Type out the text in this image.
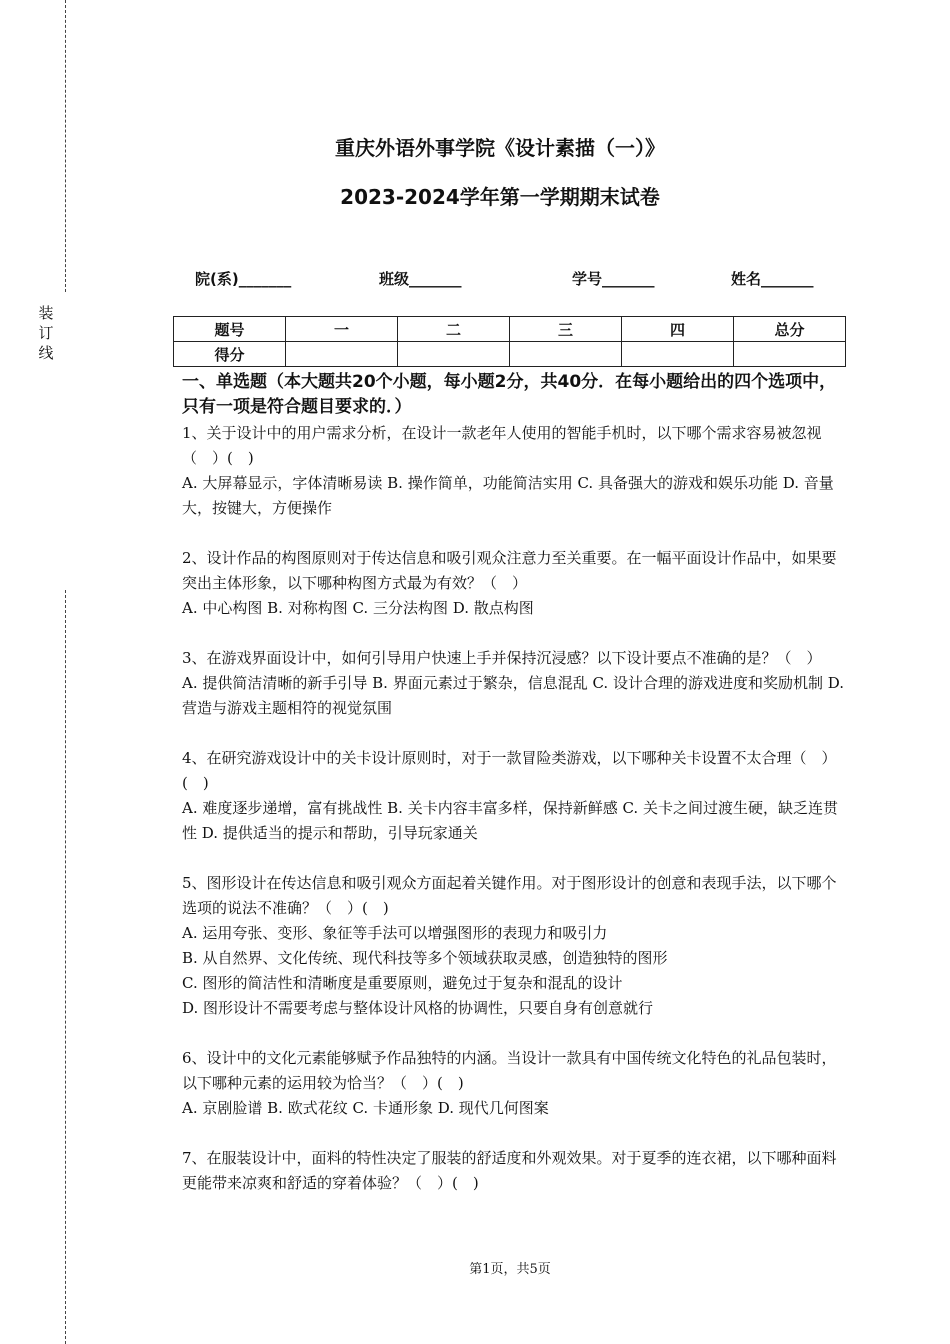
装订线
重庆外语外事学院《设计素描（一）》
2023-2024学年第一学期期末试卷
院(系)_______	班级_______	学号_______	姓名_______
题号	一	二	三	四	总分
得分					
一、单选题（本大题共20个小题，每小题2分，共40分．在每小题给出的四个选项中，只有一项是符合题目要求的．）

1、关于设计中的用户需求分析，在设计一款老年人使用的智能手机时，以下哪个需求容易被忽视（　）(　)

A. 大屏幕显示，字体清晰易读 B. 操作简单，功能简洁实用 C. 具备强大的游戏和娱乐功能 D. 音量大，按键大，方便操作

2、设计作品的构图原则对于传达信息和吸引观众注意力至关重要。在一幅平面设计作品中，如果要突出主体形象，以下哪种构图方式最为有效？（　）

A. 中心构图 B. 对称构图 C. 三分法构图 D. 散点构图

3、在游戏界面设计中，如何引导用户快速上手并保持沉浸感？以下设计要点不准确的是？（　）

A. 提供简洁清晰的新手引导 B. 界面元素过于繁杂，信息混乱 C. 设计合理的游戏进度和奖励机制 D. 营造与游戏主题相符的视觉氛围

4、在研究游戏设计中的关卡设计原则时，对于一款冒险类游戏，以下哪种关卡设置不太合理（　）(　)

A. 难度逐步递增，富有挑战性 B. 关卡内容丰富多样，保持新鲜感 C. 关卡之间过渡生硬，缺乏连贯性 D. 提供适当的提示和帮助，引导玩家通关

5、图形设计在传达信息和吸引观众方面起着关键作用。对于图形设计的创意和表现手法，以下哪个选项的说法不准确？（　）(　)

A. 运用夸张、变形、象征等手法可以增强图形的表现力和吸引力

B. 从自然界、文化传统、现代科技等多个领域获取灵感，创造独特的图形

C. 图形的简洁性和清晰度是重要原则，避免过于复杂和混乱的设计

D. 图形设计不需要考虑与整体设计风格的协调性，只要自身有创意就行

6、设计中的文化元素能够赋予作品独特的内涵。当设计一款具有中国传统文化特色的礼品包装时，以下哪种元素的运用较为恰当？（　）(　)

A. 京剧脸谱 B. 欧式花纹 C. 卡通形象 D. 现代几何图案

7、在服装设计中，面料的特性决定了服装的舒适度和外观效果。对于夏季的连衣裙，以下哪种面料更能带来凉爽和舒适的穿着体验？（　）(　)

第1页，共5页
